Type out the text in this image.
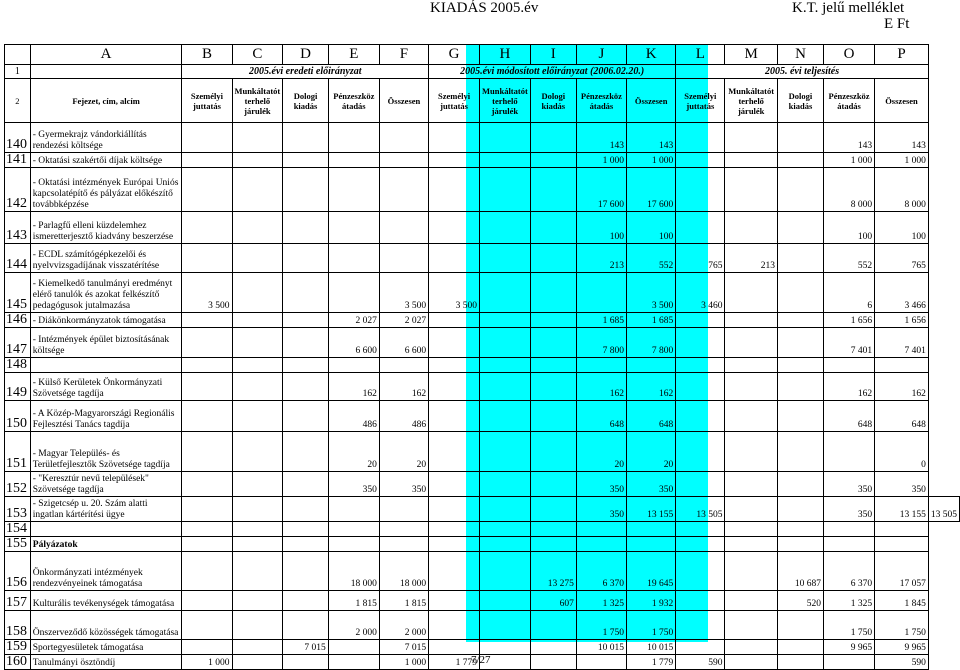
KIADÁS 2005.év	K.T. jelű melléklet
E Ft
	A	B	C	D	E	F	G	H	I	J	K	L	M	N	O	P	
1		2005.évi eredeti előirányzat					2005.évi módosított előirányzat (2006.02.20.)					2005. évi teljesítés					
2	Fejezet, cím, alcím	Személyi juttatás	Munkáltatót terhelő járulék	Dologi kiadás	Pénzeszköz átadás	Összesen	Személyi juttatás	Munkáltatót terhelő járulék	Dologi kiadás	Pénzeszköz átadás	Összesen	Személyi juttatás	Munkáltatót terhelő járulék	Dologi kiadás	Pénzeszköz átadás	Összesen	
140	- Gyermekrajz vándorkiállítás rendezési költsége									143	143				143	143	
141	- Oktatási szakértői díjak költsége									1 000	1 000				1 000	1 000	
142	- Oktatási intézmények Európai Uniós kapcsolatépítő és pályázat előkészítő továbbképzése									17 600	17 600				8 000	8 000	
143	- Parlagfű elleni küzdelemhez ismeretterjesztő kiadvány beszerzése									100	100				100	100	
144	- ECDL számítógépkezelői és nyelvvizsgadíjának visszatérítése									213	552	765	213		552	765	
145	- Kiemelkedő tanulmányi eredményt elérő tanulók és azokat felkészítő pedagógusok jutalmazása	3 500				3 500	3 500				3 500	3 460			6	3 466	
146	- Diákönkormányzatok támogatása				2 027	2 027				1 685	1 685				1 656	1 656	
147	- Intézmények épület biztosításának költsége				6 600	6 600				7 800	7 800				7 401	7 401	
148																	
149	- Külső Kerületek Önkormányzati Szövetsége tagdíja				162	162				162	162				162	162	
150	- A Közép-Magyarországi Regionális Fejlesztési Tanács tagdíja				486	486				648	648				648	648	
151	- Magyar Település- és Területfejlesztők Szövetsége tagdíja				20	20				20	20					0	
152	- "Keresztúr nevű települések" Szövetsége tagdíja				350	350				350	350				350	350	
153	- Szigetcsép u. 20. Szám alatti ingatlan kártérítési ügye									350	13 155	13 505			350	13 155	13 505
154																	
155	Pályázatok																
156	Önkormányzati intézmények rendezvényeinek támogatása				18 000	18 000			13 275	6 370	19 645			10 687	6 370	17 057	
157	Kulturális tevékenységek támogatása				1 815	1 815			607	1 325	1 932			520	1 325	1 845	
158	Önszerveződő közösségek támogatása				2 000	2 000				1 750	1 750				1 750	1 750	
159	Sportegyesületek támogatása			7 015		7 015				10 015	10 015				9 965	9 965	
160	Tanulmányi ösztöndíj	1 000				1 000	1 779				1 779	590				590	
7/27
